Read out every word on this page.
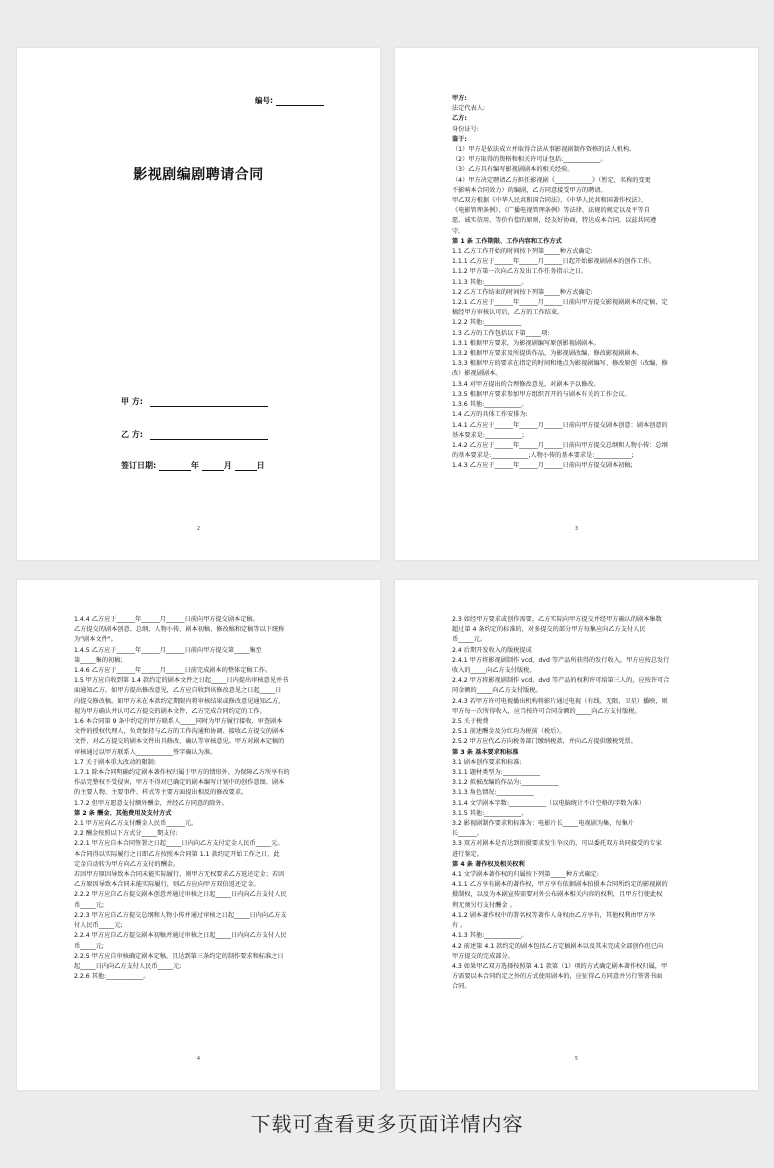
编号:
影视剧编剧聘请合同
甲 方:
乙 方:
签订日期:	年	月	日
2

甲方:

法定代表人:

乙方:

身份证号:

鉴于:

（1）甲方是依法成立并取得合法从事影视剧制作资格的法人机构。

（2）甲方取得的资格和相关许可证包括:____________。

（3）乙方具有编写影视剧剧本的相关经验。

（4）甲方决定聘请乙方担任影视剧《____________》（暂定，名称的变更

不影响本合同效力）的编剧，乙方同意接受甲方的聘请。

甲乙双方根据《中华人民共和国合同法》、《中华人民共和国著作权法》、

《电影管理条例》、《广播电视管理条例》等法律、法规的规定以及平等自

愿、诚实信用、等价有偿的原则，经友好协商，特达成本合同，以兹共同遵

守。

第 1 条 工作期限、工作内容和工作方式

1.1 乙方工作开始的时间按下列第_____种方式确定:

1.1.1 乙方应于______年______月______日起开始影视剧剧本的创作工作。

1.1.2 甲方第一次向乙方发出工作任务指示之日。

1.1.3 其他:____________。

1.2 乙方工作结束的时间按下列第_____种方式确定:

1.2.1 乙方应于______年______月______日前向甲方提交影视剧剧本的定稿，定

稿经甲方审核认可后，乙方的工作结束。

1.2.2 其他:____________

1.3 乙方的工作包括以下第_____项:

1.3.1 根据甲方要求，为影视剧编写原创影视剧剧本。

1.3.2 根据甲方要求及所提供作品，为影视剧改编、修改影视剧剧本。

1.3.3 根据甲方的要求在指定的时间和地点为影视剧编写、修改原创（改编、修

改）影视剧剧本。

1.3.4 对甲方提出的合理修改意见，对剧本予以修改。

1.3.5 根据甲方要求参加甲方组织召开的与剧本有关的工作会议。

1.3.6 其他:____________。

1.4 乙方的具体工作安排为:

1.4.1 乙方应于______年______月______日前向甲方提交剧本创意：剧本创意的

基本要求是:____________;

1.4.2 乙方应于______年______月______日前向甲方提交总纲和人物小传：总纲

的基本要求是:____________;人物小传的基本要求是:____________;

1.4.3 乙方应于______年______月______日前向甲方提交剧本初稿;

3

1.4.4 乙方应于______年______月______日前向甲方提交剧本定稿。

乙方提交的剧本创意、总纲、人物小传、剧本初稿、修改稿和定稿等以下统称

为"剧本文件"。

1.4.5 乙方应于______年______月______日前向甲方提交第_____集至

第_____集的初稿;

1.4.6 乙方应于______年______月______日前完成剧本的整体定稿工作。

1.5 甲方应自收到第 1.4 款约定的剧本文件之日起_____日内提出审核意见并书

面通知乙方。如甲方提出修改意见，乙方应自收到该修改意见之日起_____日

内提交修改稿。如甲方未在本款约定期限内将审核结果或修改意见通知乙方，

视为甲方确认并认可乙方提交的剧本文件，乙方完成合同约定的工作。

1.6 本合同第 9 条中约定的甲方联系人_____同时为甲方履行接收、审查剧本

文件的授权代理人，负责保持与乙方的工作沟通和协调、接收乙方提交的剧本

文件、对乙方提交的剧本文件出具修改、确认等审核意见。甲方对剧本定稿的

审核通过以甲方联系人____________签字确认为准。

1.7 关于剧本重大改动的限制:

1.7.1 除本合同明确约定剧本著作权归属于甲方的情形外，为保障乙方所享有的

作品完整权不受侵害，甲方不得对已确定的剧本编写计划中的创作意图、剧本

的主要人物、主要事件、样式等主要方面提出相反的修改要求。

1.7.2 但甲方愿意支付额外酬金，并经乙方同意的除外。

第 2 条 酬金、其他费用及支付方式

2.1 甲方应向乙方支付酬金人民币______元。

2.2 酬金按照以下方式分_____期支付:

2.2.1 甲方应自本合同签署之日起_____日内向乙方支付定金人民币_____元。

本合同得以实际履行之日即乙方按照本合同第 1.1 款约定开始工作之日，此

定金自动转为甲方向乙方支付的酬金。

若因甲方原因导致本合同未能实际履行，则甲方无权要求乙方返还定金；若因

乙方原因导致本合同未能实际履行，则乙方应向甲方双倍返还定金。

2.2.2 甲方应自乙方提交剧本创意并通过审核之日起_____日内向乙方支付人民

币_____元;

2.2.3 甲方应自乙方提交总纲和人物小传并通过审核之日起_____日内向乙方支

付人民币_____元;

2.2.4 甲方应自乙方提交剧本初稿并通过审核之日起_____日内向乙方支付人民

币_____元;

2.2.5 甲方应自审核确定剧本定稿，且达到第三条约定的制作要求和标准之日

起_____日内向乙方支付人民币_____元;

2.2.6 其他:____________。

4

2.3 如经甲方要求或创作需要，乙方实际向甲方提交并经甲方确认的剧本集数

超过第 4 条约定的标准的，对多提交的部分甲方每集应向乙方支付人民

币_____元。

2.4 后期开发收入的版税提成

2.4.1 甲方将影视剧制作 vcd、dvd 等产品所获得的发行收入，甲方应按总发行

收入的_____向乙方支付版税。

2.4.2 甲方将影视剧制作 vcd、dvd 等产品的权利许可给第三人的，应按许可合

同金额的_____向乙方支付版税。

2.4.3 若甲方许可电视播出机构将影片通过电视（有线、无限、卫星）播映，则

甲方每一次所得收入，应当按许可合同金额的_____向乙方支付版税。

2.5 关于税费

2.5.1 前述酬金及分红均为税前（税后）。

2.5.2 甲方应代乙方向税务部门缴纳税款，并向乙方提供缴税凭票。

第 3 条 基本要求和标准

3.1 剧本创作要求和标准:

3.1.1 题材类型为:____________

3.1.2 拟被改编的作品为:____________

3.1.3 角色情况:____________

3.1.4 文学剧本字数:____________（以电脑统计不计空格的字数为准）

3.1.5 其他:____________。

3.2 影视剧制作要求和标准为：电影片长_____电视剧为集，每集片

长______。

3.3 双方对剧本是否达到拍摄要求发生争议的，可以委托双方共同接受的专家

进行鉴定。

第 4 条 著作权及相关权利

4.1 文学剧本著作权的归属按下列第_____种方式确定:

4.1.1 乙方享有剧本的著作权，甲方享有依据剧本拍摄本合同所约定的影视剧的

摄制权，以及为本剧宣传需要对外公布剧本相关内容的权利，且甲方行使此权

利无须另行支付酬金 。

4.1.2 剧本著作权中的署名权等著作人身权由乙方享有，其他权利由甲方享

有 。

4.1.3 其他:____________。

4.2 前述第 4.1 款约定的剧本包括乙方定稿剧本以及其未完成全部创作但已向

甲方提交的完成部分。

4.3 如果甲乙双方选择按照第 4.1 款第（1）项的方式确定剧本著作权归属，甲

方需要以本合同约定之外的方式使用剧本的，应征得乙方同意并另行签署书面

合同。

5
下载可查看更多页面详情内容
